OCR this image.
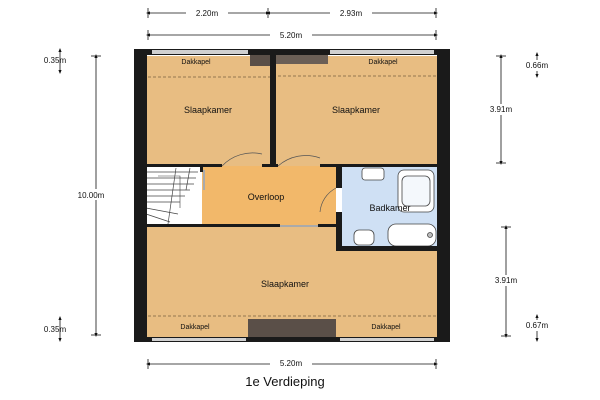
Slaapkamer	Slaapkamer
Overloop
Badkamer
Slaapkamer
Dakkapel	Dakkapel
Dakkapel	Dakkapel
2.20m	2.93m
5.20m
10.00m
0.35m
0.35m
0.66m
3.91m
3.91m
0.67m
5.20m
1e Verdieping
